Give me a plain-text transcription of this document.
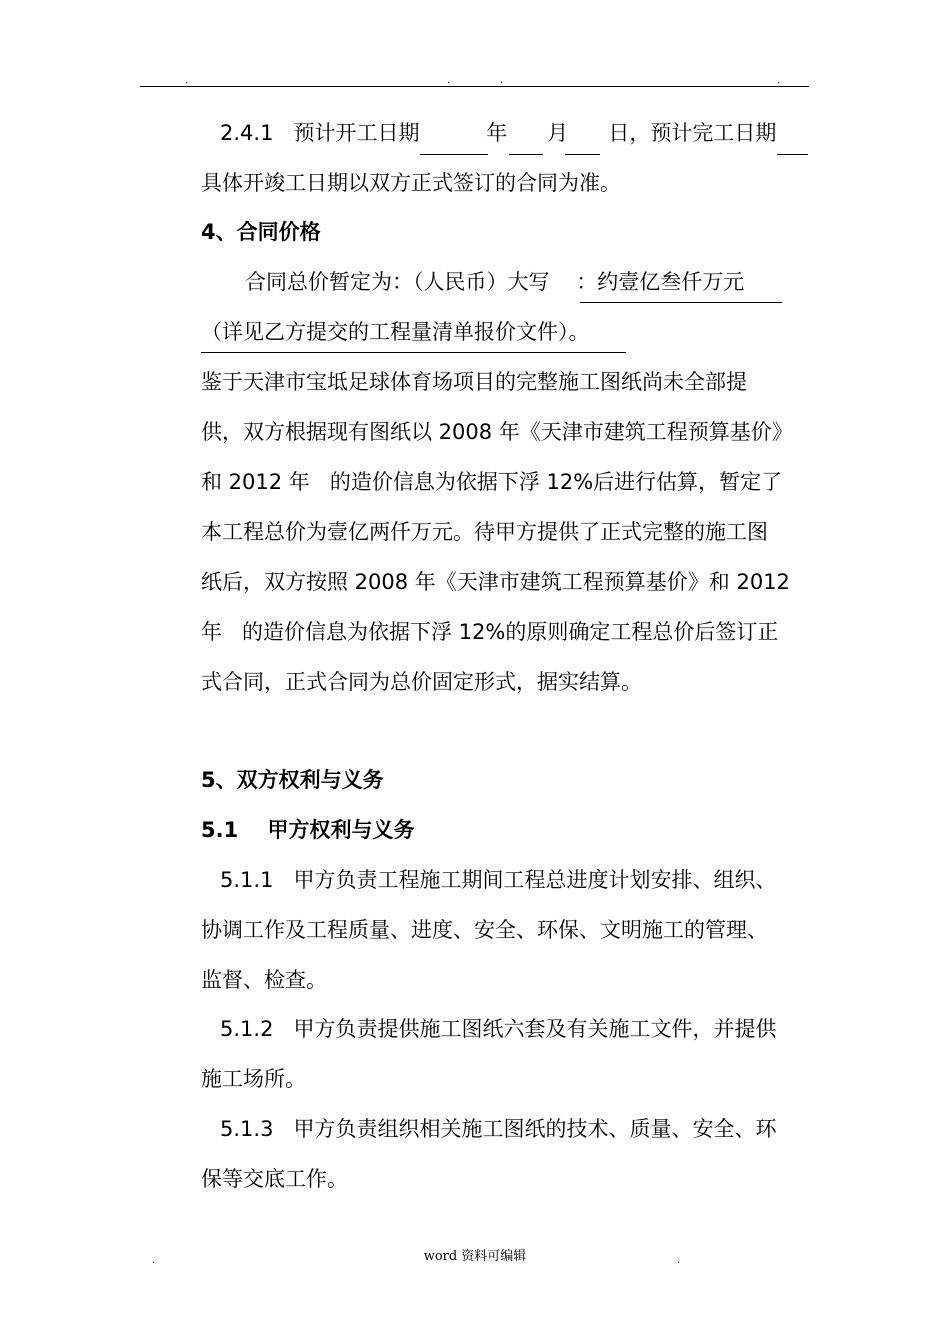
.	.	.	.
2.4.1   预计开工日期          年      月      日，预计完工日期
具体开竣工日期以双方正式签订的合同为准。
4、合同价格
合同总价暂定为：（人民币）大写    ：约壹亿叁仟万元
（详见乙方提交的工程量清单报价文件）。
鉴于天津市宝坻足球体育场项目的完整施工图纸尚未全部提
供，双方根据现有图纸以 2008 年《天津市建筑工程预算基价》
和 2012 年   的造价信息为依据下浮 12%后进行估算，暂定了
本工程总价为壹亿两仟万元。待甲方提供了正式完整的施工图
纸后，双方按照 2008 年《天津市建筑工程预算基价》和 2012
年   的造价信息为依据下浮 12%的原则确定工程总价后签订正
式合同，正式合同为总价固定形式，据实结算。
5、双方权利与义务
5.1    甲方权利与义务
5.1.1   甲方负责工程施工期间工程总进度计划安排、组织、
协调工作及工程质量、进度、安全、环保、文明施工的管理、
监督、检查。
5.1.2   甲方负责提供施工图纸六套及有关施工文件，并提供
施工场所。
5.1.3   甲方负责组织相关施工图纸的技术、质量、安全、环
保等交底工作。
.	word 资料可编辑	.
